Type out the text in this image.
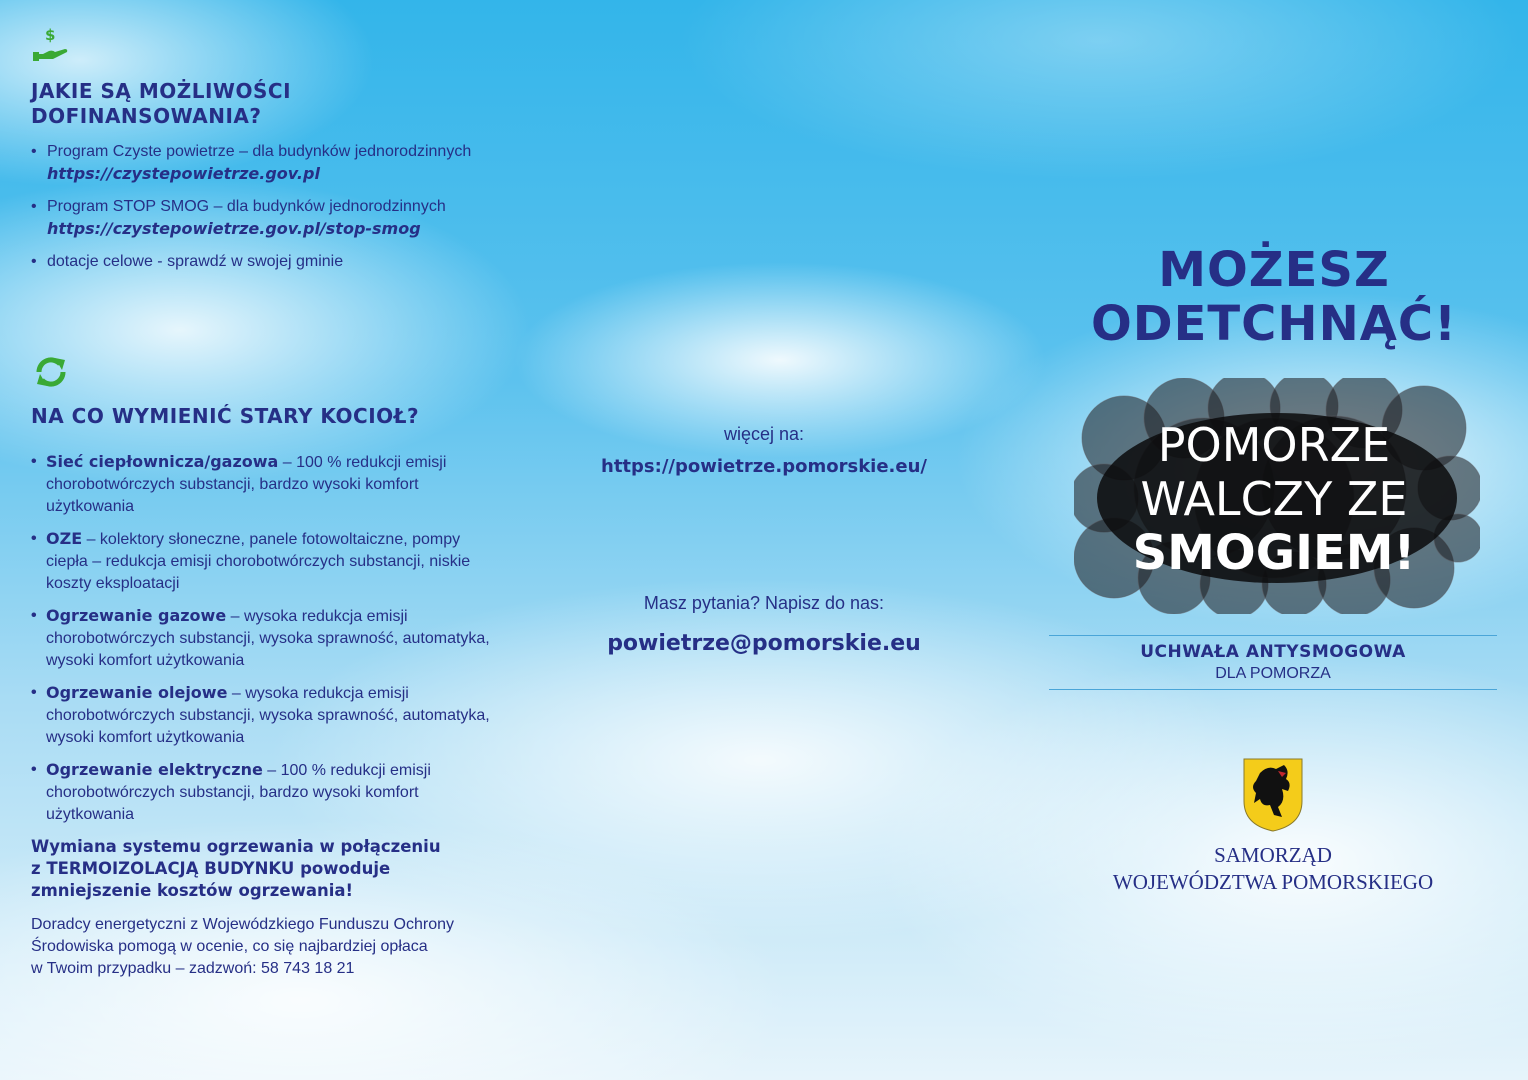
$
JAKIE SĄ MOŻLIWOŚCI
DOFINANSOWANIA?
• Program Czyste powietrze – dla budynków jednorodzinnych
https://czystepowietrze.gov.pl
• Program STOP SMOG – dla budynków jednorodzinnych
https://czystepowietrze.gov.pl/stop-smog
• dotacje celowe - sprawdź w swojej gminie
NA CO WYMIENIĆ STARY KOCIOŁ?
• Sieć ciepłownicza/gazowa – 100 % redukcji emisji chorobotwórczych substancji, bardzo wysoki komfort użytkowania
• OZE – kolektory słoneczne, panele fotowoltaiczne, pompy ciepła – redukcja emisji chorobotwórczych substancji, niskie koszty eksploatacji
• Ogrzewanie gazowe – wysoka redukcja emisji chorobotwórczych substancji, wysoka sprawność, automatyka, wysoki komfort użytkowania
• Ogrzewanie olejowe – wysoka redukcja emisji chorobotwórczych substancji, wysoka sprawność, automatyka, wysoki komfort użytkowania
• Ogrzewanie elektryczne – 100 % redukcji emisji chorobotwórczych substancji, bardzo wysoki komfort użytkowania

Wymiana systemu ogrzewania w połączeniu
z TERMOIZOLACJĄ BUDYNKU powoduje
zmniejszenie kosztów ogrzewania!

Doradcy energetyczni z Wojewódzkiego Funduszu Ochrony
Środowiska pomogą w ocenie, co się najbardziej opłaca
w Twoim przypadku – zadzwoń: 58 743 18 21

więcej na:
https://powietrze.pomorskie.eu/
Masz pytania? Napisz do nas:
powietrze@pomorskie.eu
MOŻESZ
ODETCHNĄĆ!
POMORZE
WALCZY ZE
SMOGIEM!
UCHWAŁA ANTYSMOGOWA
DLA POMORZA
SAMORZĄD
WOJEWÓDZTWA POMORSKIEGO
